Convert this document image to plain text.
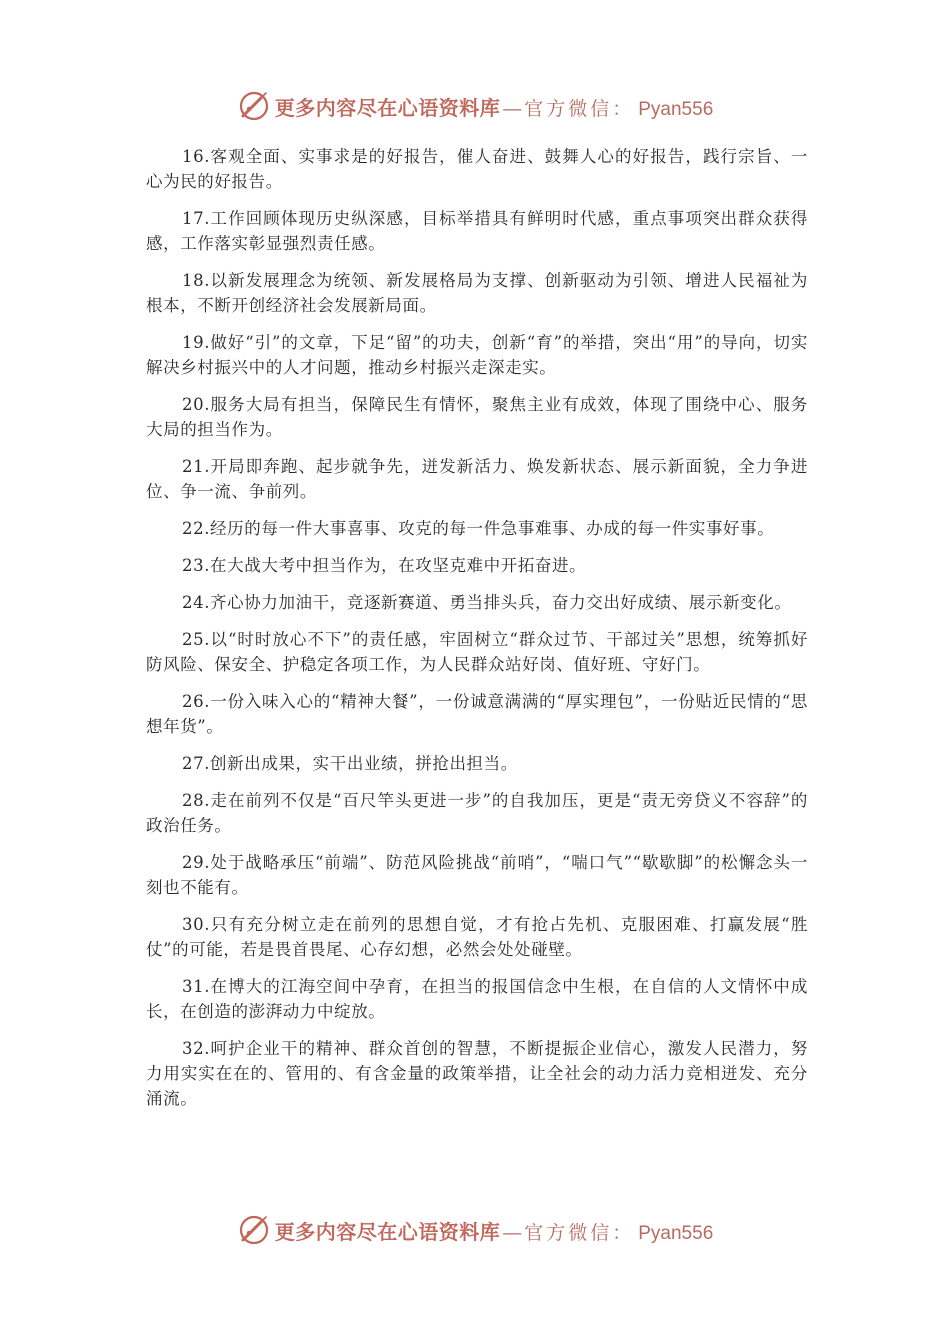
更多内容尽在心语资料库 — 官方微信： Pyan556

16.客观全面、实事求是的好报告，催人奋进、鼓舞人心的好报告，践行宗旨、一心为民的好报告。

17.工作回顾体现历史纵深感，目标举措具有鲜明时代感，重点事项突出群众获得感，工作落实彰显强烈责任感。

18.以新发展理念为统领、新发展格局为支撑、创新驱动为引领、增进人民福祉为根本，不断开创经济社会发展新局面。

19.做好“引”的文章，下足“留”的功夫，创新“育”的举措，突出“用”的导向，切实解决乡村振兴中的人才问题，推动乡村振兴走深走实。

20.服务大局有担当，保障民生有情怀，聚焦主业有成效，体现了围绕中心、服务大局的担当作为。

21.开局即奔跑、起步就争先，迸发新活力、焕发新状态、展示新面貌，全力争进位、争一流、争前列。

22.经历的每一件大事喜事、攻克的每一件急事难事、办成的每一件实事好事。

23.在大战大考中担当作为，在攻坚克难中开拓奋进。

24.齐心协力加油干，竞逐新赛道、勇当排头兵，奋力交出好成绩、展示新变化。

25.以“时时放心不下”的责任感，牢固树立“群众过节、干部过关”思想，统筹抓好防风险、保安全、护稳定各项工作，为人民群众站好岗、值好班、守好门。

26.一份入味入心的“精神大餐”，一份诚意满满的“厚实理包”，一份贴近民情的“思想年货”。

27.创新出成果，实干出业绩，拼抢出担当。

28.走在前列不仅是“百尺竿头更进一步”的自我加压，更是“责无旁贷义不容辞”的政治任务。

29.处于战略承压“前端”、防范风险挑战“前哨”，“喘口气”“歇歇脚”的松懈念头一刻也不能有。

30.只有充分树立走在前列的思想自觉，才有抢占先机、克服困难、打赢发展“胜仗”的可能，若是畏首畏尾、心存幻想，必然会处处碰壁。

31.在博大的江海空间中孕育，在担当的报国信念中生根，在自信的人文情怀中成长，在创造的澎湃动力中绽放。

32.呵护企业干的精神、群众首创的智慧，不断提振企业信心，激发人民潜力，努力用实实在在的、管用的、有含金量的政策举措，让全社会的动力活力竞相迸发、充分涌流。

更多内容尽在心语资料库 — 官方微信： Pyan556
